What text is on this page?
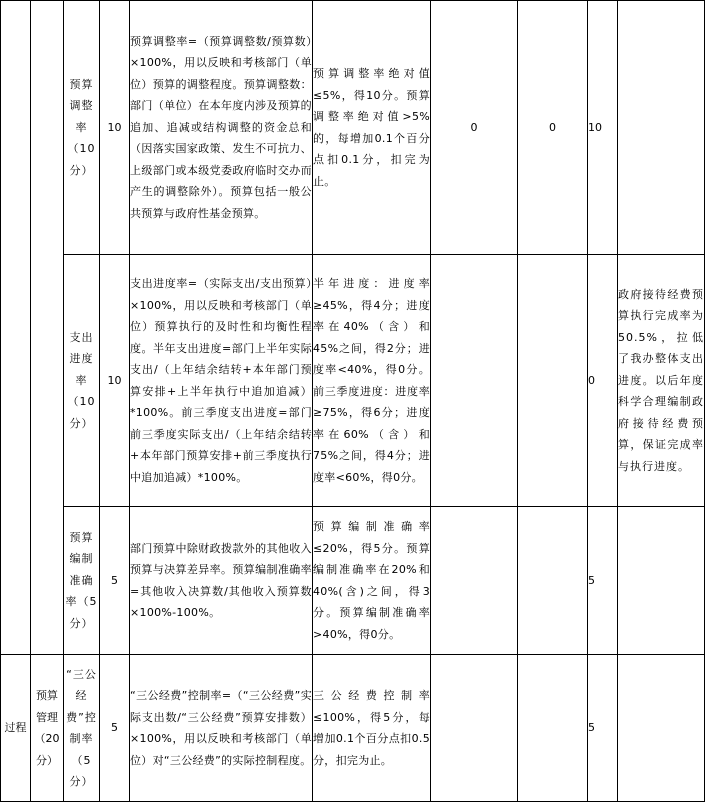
		预算调整率（10分）	10	预算调整率=（预算调整数/预算数）×100%，用以反映和考核部门（单位）预算的调整程度。预算调整数：部门（单位）在本年度内涉及预算的追加、追减或结构调整的资金总和（因落实国家政策、发生不可抗力、上级部门或本级党委政府临时交办而产生的调整除外）。预算包括一般公共预算与政府性基金预算。	预算调整率绝对值≤5%，得10分。预算调整率绝对值>5%的，每增加0.1个百分点扣0.1分，扣完为止。	0	0	10	
		支出进度率（10分）	10	支出进度率=（实际支出/支出预算）×100%，用以反映和考核部门（单位）预算执行的及时性和均衡性程度。半年支出进度=部门上半年实际支出/（上年结余结转+本年部门预算安排+上半年执行中追加追减）*100%。前三季度支出进度=部门前三季度实际支出/（上年结余结转+本年部门预算安排+前三季度执行中追加追减）*100%。	半年进度：进度率≥45%，得4分；进度率在40%（含）和45%之间，得2分；进度率<40%，得0分。前三季度进度：进度率≥75%，得6分；进度率在60%（含）和75%之间，得4分；进度率<60%，得0分。			0	政府接待经费预算执行完成率为50.5%，拉低了我办整体支出进度。以后年度科学合理编制政府接待经费预算，保证完成率与执行进度。
		预算编制准确率（5分）	5	部门预算中除财政拨款外的其他收入预算与决算差异率。预算编制准确率=其他收入决算数/其他收入预算数×100%-100%。	预算编制准确率≤20%，得5分。预算编制准确率在20%和40%(含)之间，得3分。预算编制准确率>40%，得0分。			5	
过程	预算管理（20分）	“三公经费”控制率（5分）	5	“三公经费”控制率=（“三公经费”实际支出数/“三公经费”预算安排数）×100%，用以反映和考核部门（单位）对“三公经费”的实际控制程度。	三公经费控制率≤100%，得5分，每增加0.1个百分点扣0.5分，扣完为止。			5	
